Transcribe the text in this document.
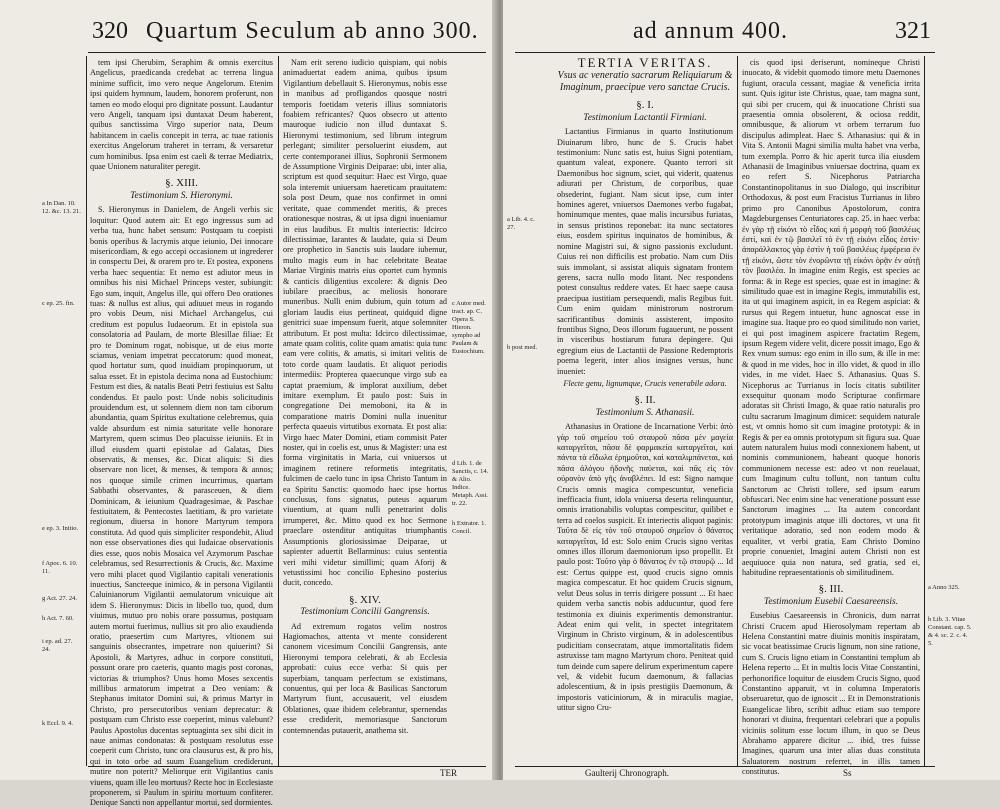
320 Quartum Seculum ab anno 300.
a In Dan. 10. 12. &c. 13. 21.
c ep. 25. fin.
e ep. 3. Initio.
f Apoc. 6. 10. 11.
g Act. 27. 24.
h Act. 7. 60.
i ep. ad. 27. 24.
k Eccl. 9. 4.

tem ipsi Cherubim, Seraphim & omnis exercitus Angelicus, praedicanda credebat ac terrena lingua minime sufficit, imo vero neque Angelorum. Etenim ipsi quidem hymnum, laudem, honorem proferunt, non tamen eo modo eloqui pro dignitate possunt. Laudantur vero Angeli, tanquam ipsi duntaxat Deum haberent, quibus sanctissima Virgo superior nata, Deum habitancem in caelis concepit in terra, ac tuae rationis exercitus Angelorum traheret in terram, & versaretur cum hominibus. Ipsa enim est caeli & terrae Mediatrix, quae Unionem naturaliter peregit.

§. XIII.
Testimonium S. Hieronymi.

S. Hieronymus in Danielem, de Angeli verbis sic loquitur: Quod autem ait: Et ego ingressus sum ad verba tua, hunc habet sensum: Postquam tu coepisti bonis operibus & lacrymis atque ieiunio, Dei innocare misericordiam, & ego accepi occasionem ut ingrederer in conspectu Dei, & orarem pro te. Et postea, exponens verba haec sequentia: Et nemo est adiutor meus in omnibus his nisi Michael Princeps vester, subiungit: Ego sum, inquit, Angelus ille, qui offero Deo orationes tuas: & nullus est alius, qui adiuuet meus in rogando pro vobis Deum, nisi Michael Archangelus, cui creditum est populus Iudaeorum. Et in epistola sua consolatoria ad Paulam, de morte Blesillae filiae: Et pro te Dominum rogat, nobisque, ut de eius morte sciamus, veniam impetrat peccatorum: quod moneat, quod hortatur sum, quod inuidiam propinquorum, ut salua esset. Et in epistola decima nona ad Eustochium: Festum est dies, & natalis Beati Petri festiuius est Saltu condendus. Et paulo post: Unde nobis solicitudinis prouidendum est, ut solennem diem non tam ciborum abundantia, quam Spiritus exultatione celebremus, quia valde absurdum est nimia saturitate velle honorare Martyrem, quem scimus Deo placuisse ieiuniis. Et in illud eiusdem quarti epistolae ad Galatas, Dies observatis, & menses, &c. Dicat aliquis: Si dies observare non licet, & menses, & tempora & annos; nos quoque simile crimen incurrimus, quartam Sabbathi observantes, & parasceuen, & diem Dominicam, & ieiunium Quadragesimae, & Paschae festiuitatem, & Pentecostes laetitiam, & pro varietate regionum, diuersa in honore Martyrum tempora constituta. Ad quod quis simpliciter respondebit, Aliud non esse observationes dies qui Iudaicae observationis dies esse, quos nobis Mosaica vel Azymorum Paschae celebramus, sed Resurrectionis & Crucis, &c. Maxime vero mihi placet quod Vigilantio capitali venerationis inuectius, Sancteeque inimico, & in persona Vigilantii Caluinianorum Vigilantii aemulatorum vnicuique ait idem S. Hieronymus: Dicis in libello tuo, quod, dum viuimus, mutuo pro nobis orare possumus, postquam autem mortui fuerimus, nullius sit pro alio exaudienda oratio, praesertim cum Martyres, vltionem sui sanguinis obsecrantes, impetrare non quiuerint? Si Apostoli, & Martyres, adhuc in corpore constituti, possunt orare pro caeteris, quanto magis post coronas, victorias & triumphos? Unus homo Moses sexcentis millibus armatorum impetrat a Deo veniam: & Stephanus imitator Domini sui, & primus Martyr in Christo, pro persecutoribus veniam deprecatur: & postquam cum Christo esse coeperint, minus valebunt? Paulus Apostolus ducentas septuaginta sex sibi dicit in naue animas condonatas: & postquam resolutus esse coeperit cum Christo, tunc ora clausurus est, & pro his, qui in toto orbe ad suum Euangelium crediderunt, mutire non poterit? Meliorque erit Vigilantius canis viuens, quam ille leo mortuus? Recte hoc in Ecclesiaste proponerem, si Paulum in spiritu mortuum confiterer. Denique Sancti non appellantur mortui, sed dormientes.

Nam erit sereno iudicio quispiam, qui nobis animaduertat eadem anima, quibus ipsum Vigilantium debellauit S. Hieronymus, nobis esse in manibus ad profligandos quosque nostri temporis foetidam veteris illius somniatoris foabiem refricantes? Quos obsecro ut attento mauroque iudicio non illud duntaxat S. Hieronymi testimonium, sed librum integrum perlegant; similiter persoluerint eiusdem, aut certe contemporanei illius, Sophronii Sermonem de Assumptione Virginis Deiparae: ubi, inter alia, scriptum est quod sequitur: Haec est Virgo, quae sola interemit uniuersam haereticam prauitatem: sola post Deum, quae nos confirmet in omni veritate, quae commendet meritis, & preces orationesque nostras, & ut ipsa digni inueniamur in eius laudibus. Et multis interiectis: Idcirco dilectissimae, Iarantes & laudate, quia si Deum ore prophetico in Sanctis suis laudare iubemur, multo magis eum in hac celebritate Beatae Mariae Virginis matris eius oportet cum hymnis & canticis diligentius excolere: & dignis Deo iubilare praecibus, ac meliosis honorare muneribus. Nulli enim dubium, quin totum ad gloriam laudis eius pertineat, quidquid digne genitrici suae impensum fuerit, atque solemniter attributum. Et post multa: Idcirco dilectissimae, amate quam colitis, colite quam amatis: quia tunc eam vere colitis, & amatis, si imitari velitis de toto corde quam laudatis. Et aliquot periodis intermediis: Propterea quaecunque virgo sub ea captat praemium, & implorat auxilium, debet imitare exemplum. Et paulo post: Suis in congregatione Dei memoboni, ita & in comparatione matris Domini nulla inuenitur perfecta quaeuis virtutibus exornata. Et post alia: Virgo haec Mater Domini, etiam commisit Pater noster, qui in coelis est, unus & Magister: una est forma virginitatis in Maria, cui vniuersos ut imaginem retinere reformetis integritatis, fulcimen de caelo tunc in ipsa Christo Tantum in ea Spiritu Sanctis: quomodo haec ipse hortus conclusus, fons signatus, puteus aquarum viuentium, at quam nulli penetrarint dolis irrumperet, &c. Mitto quod ex hoc Sermone praeclare ostenditur antiquitas triumphantis Assumptionis gloriosissimae Deiparae, ut sapienter aduertit Bellarminus: cuius sententia veri mihi videtur simillimi; quam Aforij & vetustissimi hoc concilio Ephesino posterius ducit, concedo.

§. XIV.
Testimonium Concilii Gangrensis.

Ad extremum rogatos velim nostros Hagiomachos, attenta vt mente considerent canonem vicesimum Concilii Gangrensis, ante Hieronymi tempora celebrati, & ab Ecclesia approbati: cuius ecce verba: Si quis per superbiam, tanquam perfectum se existimans, conuentus, qui per loca & Basilicas Sanctorum Martyrum fiunt, accusauerit, vel eiusdem Oblationes, quae ibidem celebrantur, spernendas esse crediderit, memoriasque Sanctorum contemnendas putauerit, anathema sit.

c Autor med. tract. ap. C. Opera S. Hieron. sympho ad Paulam & Eustochium.
d Lib. 1. de Sanctis, c. 14. & Alio. Indice. Metaph. Assi. tr. 22.
h Extrator. 1. Concil.
TER
ad annum 400.	321
a Lib. 4. c. 27.
b post med.
TERTIA VERITAS.
Vsus ac veneratio sacrarum Reliquiarum & Imaginum, praecipue vero sanctae Crucis.
§. I.
Testimonium Lactantii Firmiani.

Lactantius Firmianus in quarto Institutionum Diuinarum libro, hunc de S. Crucis habet testimonium: Nunc satis est, huius Signi potentiam, quantum valeat, exponere. Quanto terrori sit Daemonibus hoc signum, sciet, qui viderit, quatenus adiurati per Christum, de corporibus, quae obsederint, fugiant. Nam sicut ipse, cum inter homines ageret, vniuersos Daemones verbo fugabat, hominumque mentes, quae malis incursibus furiatas, in sensus pristinos reponebat: ita nunc sectatores eius, eosdem spiritus inquinatos de hominibus, & nomine Magistri sui, & signo passionis excludunt. Cuius rei non difficilis est probatio. Nam cum Diis suis immolant, si assistat aliquis signatam frontem gerens, sacra nullo modo litant. Nec respondens potest consultus reddere vates. Et haec saepe causa praecipua iustitiam persequendi, malis Regibus fuit. Cum enim quidam ministrorum nostrorum sacrificantibus dominis assisterent, imposito frontibus Signo, Deos illorum fugauerunt, ne possent in visceribus hostiarum futura depingere. Qui egregium eius de Lactantii de Passione Redemptoris poema legerit, inter alios insignes versus, hunc inueniet:

Flecte genu, lignumque, Crucis venerabile adora.

§. II.
Testimonium S. Athanasii.

Athanasius in Oratione de Incarnatione Verbi: ἀπὸ γὰρ τοῦ σημείου τοῦ σταυροῦ πᾶσα μὲν μαγεία καταργεῖται, πᾶσα δὲ φαρμακεία καταργεῖται, καὶ πάντα τὰ εἴδωλα ἐρημοῦται, καὶ καταλιμπάνεται, καὶ πᾶσα ἀλόγου ἡδονῆς παύεται, καὶ πᾶς εἰς τὸν οὐρανὸν ἀπὸ γῆς ἀναβλέπει. Id est: Signo namque Crucis omnis magica compescuntur, veneficia inefficacia fiunt, idola vniuersa deserta relinquuntur, omnis irrationabilis voluptas compescitur, quilibet e terra ad coelos suspicit. Et interiectis aliquot paginis: Ταῦτα δὲ εἰς τὸν τοῦ σταυροῦ σημεῖον ὁ θάνατος καταργεῖται, Id est: Solo enim Crucis signo veritas omnes illos illorum daemoniorum ipso propellit. Et paulo post: Τοῦτο γὰρ ὁ θάνατος ἐν τῷ σταυρῷ ... Id est: Certus quippe est, quod crucis signo omnis magica compescatur. Et hoc quidem Crucis signum, velut Deus solus in terris dirigere possunt ... Et haec quidem verba sanctis nobis adducuntur, quod fere testimonia ex diuinis experimentis demonstrantur. Adeat enim qui velit, in spectet integritatem Virginum in Christo virginum, & in adolescentibus pudicitiam consecratam, atque immortalitatis fidem astruxisse tam magno Martyrum choro. Peniteat quid tum deinde cum sapere delirum experimentum capere vel, & videbit fucum daemonum, & fallacias adolescentium, & in ipsis prestigiis Daemonum, & impostoris vaticiniorum, & in miraculis magiae, utitur signo Cru-

cis quod ipsi deriserunt, nomineque Christi inuocato, & videbit quomodo timore metu Daemones fugiunt, oracula cessant, magiae & veneficia irrita sunt. Quis igitur iste Christus, quae, tam magna sunt, qui sibi per crucem, qui & inuocatione Christi sua praesentia omnia obsolerent, & ociosa reddit, omnibusque, & aliorum vt orbem terrarum fuo discipulus adimpleat. Haec S. Athanasius: qui & in Vita S. Antonii Magni similia multa habet vna verba, tum exempla. Porro & hic aperit turca ilia eiusdem Athanasii de Imaginibus vniuersae doctrina, quam ex eo refert S. Nicephorus Patriarcha Constantinopolitanus in suo Dialogo, qui inscribitur Orthodoxus, & post eum Fracistus Turrianus in libro primo pro Canonibus Apostolorum, contra Magdeburgenses Centuriatores cap. 25. in haec verba: ἐν γὰρ τῇ εἰκόνι τὸ εἶδος καὶ ἡ μορφὴ τοῦ βασιλέως ἐστί, καὶ ἐν τῷ βασιλεῖ τὸ ἐν τῇ εἰκόνι εἶδος ἐστίν· ἀπαράλλακτος γὰρ ἐστὶν ἡ τοῦ βασιλέως ἐμφέρεια ἐν τῇ εἰκόνι, ὥστε τὸν ἐνορῶντα τῇ εἰκόνι ὁρᾷν ἐν αὐτῇ τὸν βασιλέα. In imagine enim Regis, est species ac forma: & in Rege est species, quae est in imagine: & similitudo quae est in imagine Regis, immutabilis est, ita ut qui imaginem aspicit, in ea Regem aspiciat: & rursus qui Regem intuetur, hunc agnoscat esse in imagine sua. Itaque pro eo quod similitudo non variet, ei qui post imaginem aspicere fractatim Regem, ipsum Regem videre velit, dicere possit imago, Ego & Rex vnum sumus: ego enim in illo sum, & ille in me: & quod in me vides, hoc in illo videt, & quod in illo vides, in me videt. Haec S. Athanasius. Quas S. Nicephorus ac Turrianus in locis citatis subtiliter exsequitur quonam modo Scripturae confirmare adoratas sit Christi Imago, & quae ratio naturalis pro cultu sacrarum Imaginum dimicet: sequidem naturale est, vt omnis homo sit cum imagine prototypi: & in Regis & per ea omnis prototypum sit figura sua. Quae autem naturalem huius modi connexionem habent, ut nominis communionem, habeant quoque honoris communionem necesse est: adeo vt non reuelauat, cum Imaginum cultu tollunt, non tantum cultu Sanctorum ac Christi tollere, sed ipsum earum obfuscari. Nec enim sine hac veneratione possunt esse Sanctorum imagines ... Ita autem concordant prototypum imaginis atque illi doctores, vt una fit veritatique adoratio, sed non eodem modo & equaliter, vt verbi gratia, Eam Christo Domino proprie conueniet, Imagini autem Christi non est aequiuoce quia non natura, sed gratia, sed ei, habitudine repraesentationis ob similitudinem.

§. III.
Testimonium Eusebii Caesareensis.

Eusebius Caesareensis in Chronicis, dum narrat Christi Crucem apud Hierosolymam repertam ab Helena Constantini matre diuinis monitis inspiratam, sic vocat beatissimae Crucis lignum, non sine ratione, cum S. Crucis ligno etiam in Constantini templum ab Helena reperto ... Et in multis locis Vitae Constantini, perhonorifice loquitur de eiusdem Crucis Signo, quod Constantino apparuit, vt in columna Imperatoris obseruaretur, quo de ignoscit ... Et in Demonstrationis Euangelicae libro, scribit adhuc etiam suo tempore honorari vt diuina, frequentari celebrari que a populis viciniis solitum esse locum illum, in quo se Deus Abrahamo apparere dicitur ... ibid, tres fuisse Imagines, quarum una inter alias duas constituta Saluatorem nostrum referret, in illis tamen constitutus.

a Anno 325.
b Lib. 3. Vitae Constant. cap. 5. & 4. sc. 2. c. 4. 5.
Gaulterij Chronograph.	Ss
